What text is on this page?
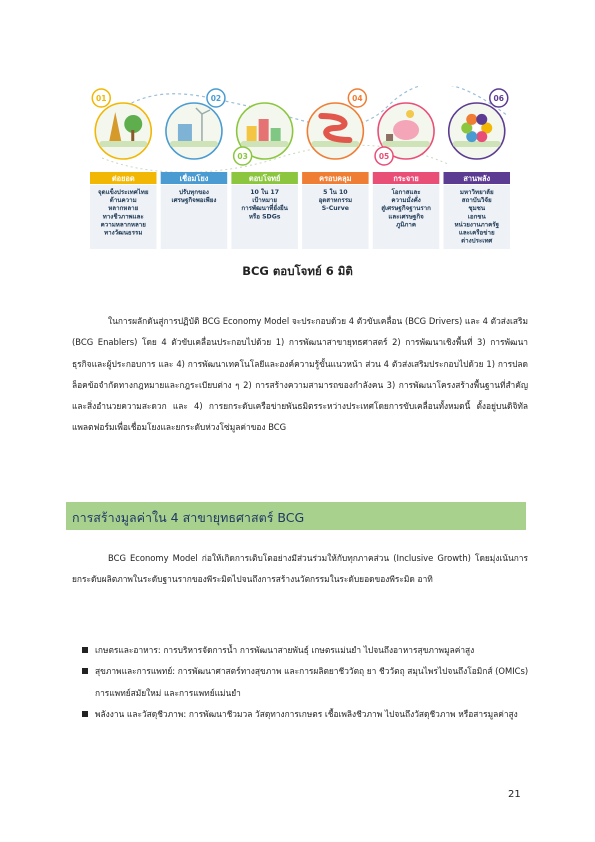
01
ต่อยอด
จุดแข็งประเทศไทย
ด้านความ
หลากหลาย
ทางชีวภาพและ
ความหลากหลาย
ทางวัฒนธรรม
02
เชื่อมโยง
ปรับทุกของ
เศรษฐกิจพอเพียง
03
ตอบโจทย์
10 ใน 17
เป้าหมาย
การพัฒนาที่ยั่งยืน
หรือ SDGs
04
ครอบคลุม
5 ใน 10
อุตสาหกรรม
S-Curve
05
กระจาย
โอกาสและ
ความมั่งคั่ง
สู่เศรษฐกิจฐานราก
และเศรษฐกิจ
ภูมิภาค
06
สานพลัง
มหาวิทยาลัย
สถาบันวิจัย
ชุมชน
เอกชน
หน่วยงานภาครัฐ
และเครือข่าย
ต่างประเทศ
BCG ตอบโจทย์ 6 มิติ
ในการผลักดันสู่การปฏิบัติ BCG Economy Model จะประกอบด้วย 4 ตัวขับเคลื่อน (BCG Drivers) และ 4 ตัวส่งเสริม (BCG Enablers) โดย 4 ตัวขับเคลื่อนประกอบไปด้วย 1) การพัฒนาสาขายุทธศาสตร์ 2) การพัฒนาเชิงพื้นที่ 3) การพัฒนาธุรกิจและผู้ประกอบการ และ 4) การพัฒนาเทคโนโลยีและองค์ความรู้ขั้นแนวหน้า ส่วน 4 ตัวส่งเสริมประกอบไปด้วย 1) การปลดล็อคข้อจำกัดทางกฎหมายและกฎระเบียบต่าง ๆ 2) การสร้างความสามารถของกำลังคน 3) การพัฒนาโครงสร้างพื้นฐานที่สำคัญและสิ่งอำนวยความสะดวก และ 4) การยกระดับเครือข่ายพันธมิตรระหว่างประเทศโดยการขับเคลื่อนทั้งหมดนี้ ตั้งอยู่บนดิจิทัลแพลตฟอร์มเพื่อเชื่อมโยงและยกระดับห่วงโซ่มูลค่าของ BCG
การสร้างมูลค่าใน 4 สาขายุทธศาสตร์ BCG
BCG Economy Model ก่อให้เกิดการเติบโตอย่างมีส่วนร่วมให้กับทุกภาคส่วน (Inclusive Growth) โดยมุ่งเน้นการยกระดับผลิตภาพในระดับฐานรากของพีระมิดไปจนถึงการสร้างนวัตกรรมในระดับยอดของพีระมิด อาทิ
เกษตรและอาหาร: การบริหารจัดการน้ำ การพัฒนาสายพันธุ์ เกษตรแม่นยำ ไปจนถึงอาหารสุขภาพมูลค่าสูง
สุขภาพและการแพทย์: การพัฒนาศาสตร์ทางสุขภาพ และการผลิตยาชีววัตถุ ยา ชีววัตถุ สมุนไพรไปจนถึงโอมิกส์ (OMICs) การแพทย์สมัยใหม่ และการแพทย์แม่นยำ
พลังงาน และวัสดุชีวภาพ: การพัฒนาชีวมวล วัสดุทางการเกษตร เชื้อเพลิงชีวภาพ ไปจนถึงวัสดุชีวภาพ หรือสารมูลค่าสูง
21
